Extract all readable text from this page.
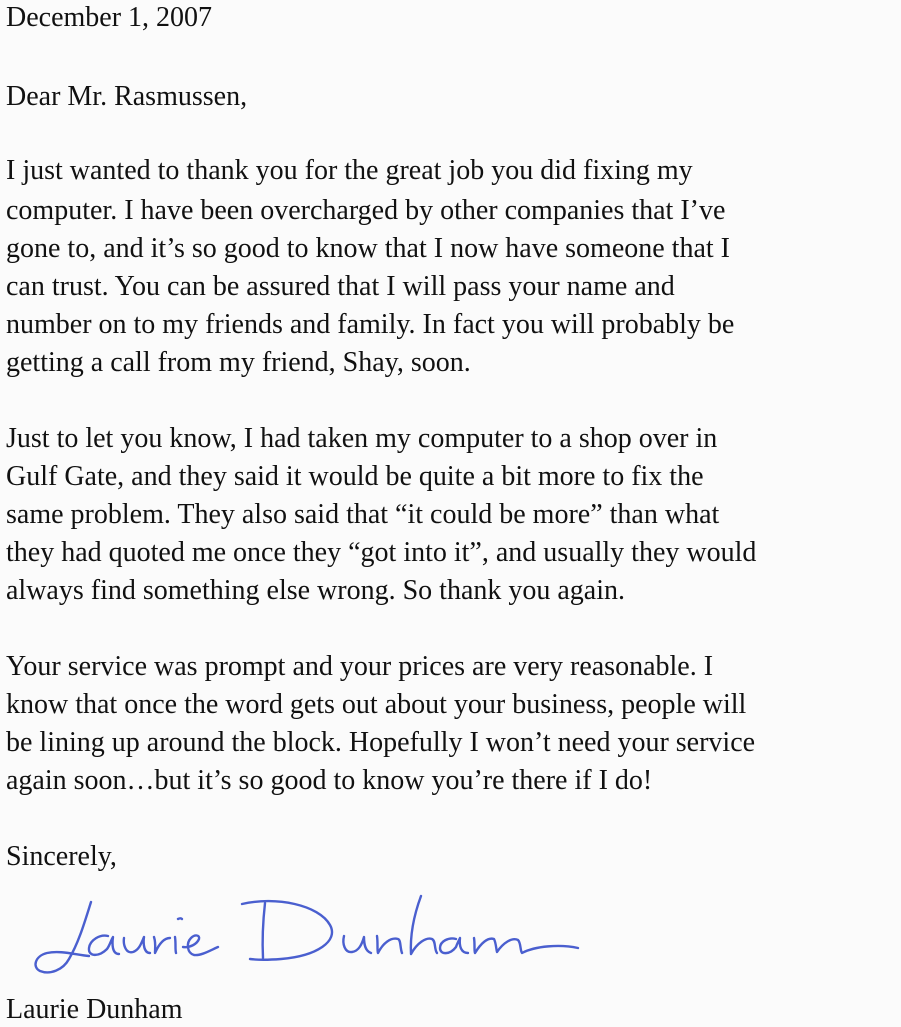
December 1, 2007
Dear Mr. Rasmussen,
I just wanted to thank you for the great job you did fixing my
computer. I have been overcharged by other companies that I’ve
gone to, and it’s so good to know that I now have someone that I
can trust. You can be assured that I will pass your name and
number on to my friends and family. In fact you will probably be
getting a call from my friend, Shay, soon.
Just to let you know, I had taken my computer to a shop over in
Gulf Gate, and they said it would be quite a bit more to fix the
same problem. They also said that “it could be more” than what
they had quoted me once they “got into it”, and usually they would
always find something else wrong. So thank you again.
Your service was prompt and your prices are very reasonable. I
know that once the word gets out about your business, people will
be lining up around the block. Hopefully I won’t need your service
again soon…but it’s so good to know you’re there if I do!
Sincerely,
Laurie Dunham
